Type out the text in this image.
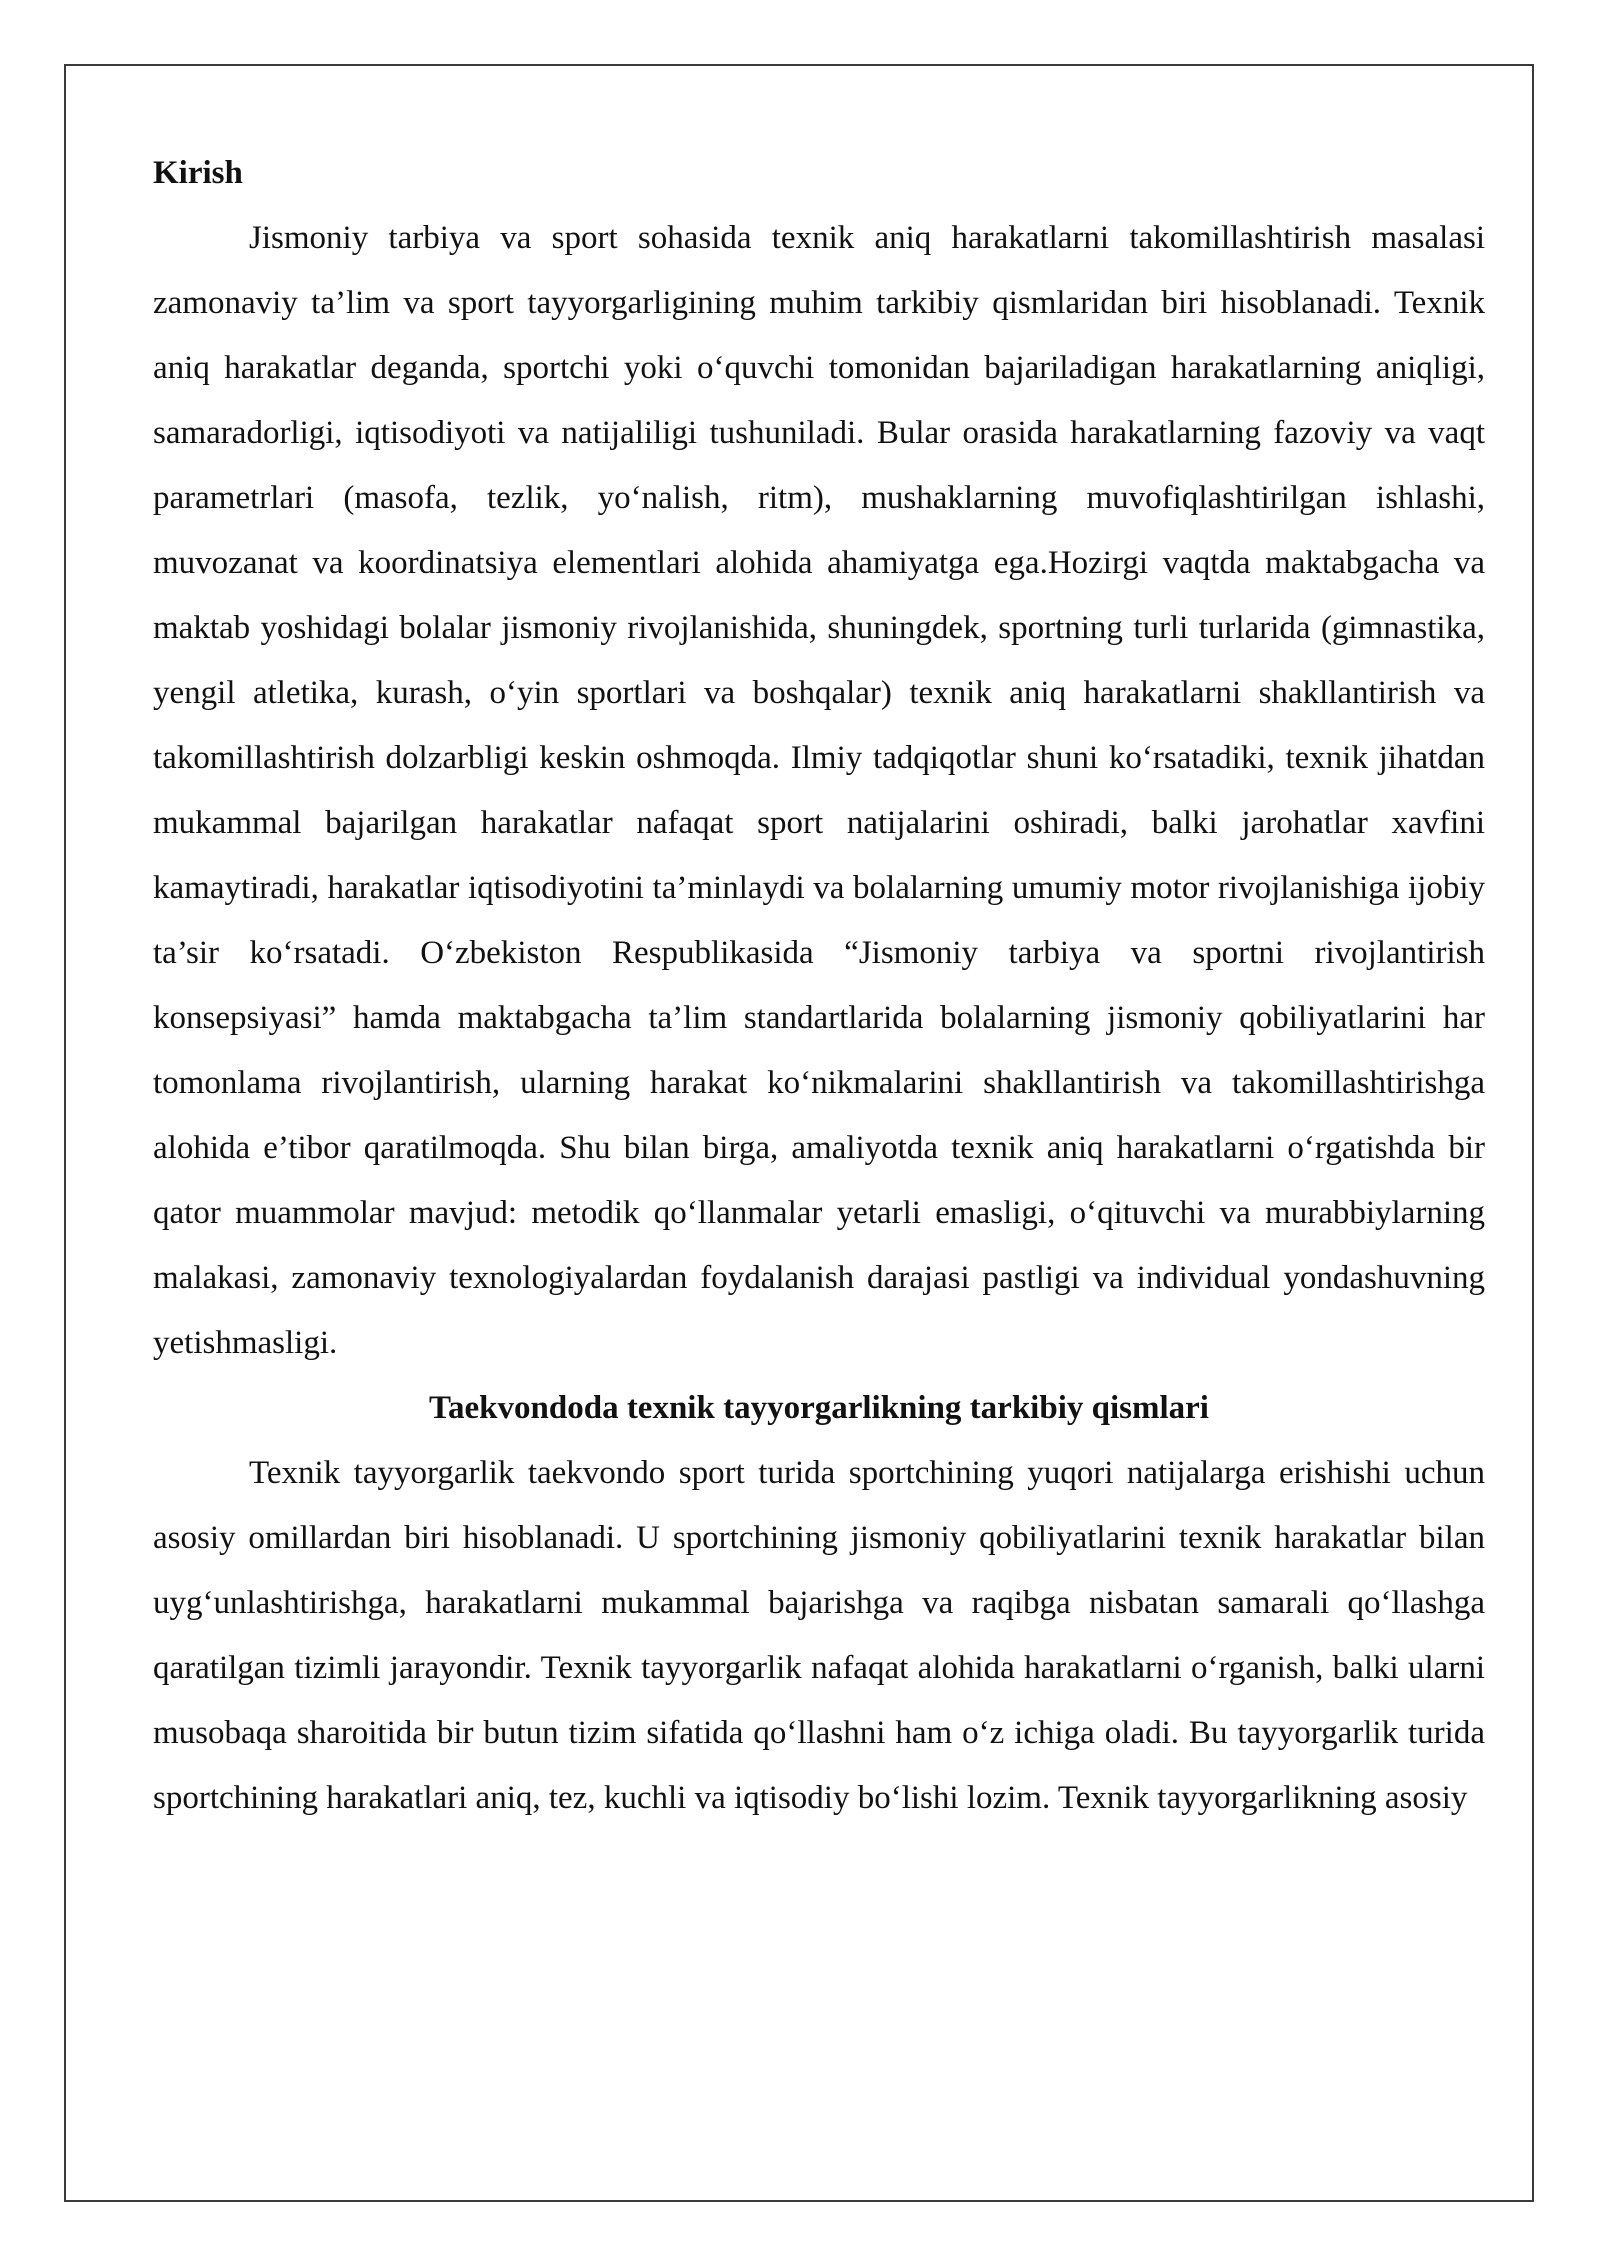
Kirish

Jismoniy tarbiya va sport sohasida texnik aniq harakatlarni takomillashtirish masalasi zamonaviy ta’lim va sport tayyorgarligining muhim tarkibiy qismlaridan biri hisoblanadi. Texnik aniq harakatlar deganda, sportchi yoki o‘quvchi tomonidan bajariladigan harakatlarning aniqligi, samaradorligi, iqtisodiyoti va natijaliligi tushuniladi. Bular orasida harakatlarning fazoviy va vaqt parametrlari (masofa, tezlik, yo‘nalish, ritm), mushaklarning muvofiqlashtirilgan ishlashi, muvozanat va koordinatsiya elementlari alohida ahamiyatga ega.Hozirgi vaqtda maktabgacha va maktab yoshidagi bolalar jismoniy rivojlanishida, shuningdek, sportning turli turlarida (gimnastika, yengil atletika, kurash, o‘yin sportlari va boshqalar) texnik aniq harakatlarni shakllantirish va takomillashtirish dolzarbligi keskin oshmoqda. Ilmiy tadqiqotlar shuni ko‘rsatadiki, texnik jihatdan mukammal bajarilgan harakatlar nafaqat sport natijalarini oshiradi, balki jarohatlar xavfini kamaytiradi, harakatlar iqtisodiyotini ta’minlaydi va bolalarning umumiy motor rivojlanishiga ijobiy ta’sir ko‘rsatadi. O‘zbekiston Respublikasida “Jismoniy tarbiya va sportni rivojlantirish konsepsiyasi” hamda maktabgacha ta’lim standartlarida bolalarning jismoniy qobiliyatlarini har tomonlama rivojlantirish, ularning harakat ko‘nikmalarini shakllantirish va takomillashtirishga alohida e’tibor qaratilmoqda. Shu bilan birga, amaliyotda texnik aniq harakatlarni o‘rgatishda bir qator muammolar mavjud: metodik qo‘llanmalar yetarli emasligi, o‘qituvchi va murabbiylarning malakasi, zamonaviy texnologiyalardan foydalanish darajasi pastligi va individual yondashuvning yetishmasligi.

Taekvondoda texnik tayyorgarlikning tarkibiy qismlari

Texnik tayyorgarlik taekvondo sport turida sportchining yuqori natijalarga erishishi uchun asosiy omillardan biri hisoblanadi. U sportchining jismoniy qobiliyatlarini texnik harakatlar bilan uyg‘unlashtirishga, harakatlarni mukammal bajarishga va raqibga nisbatan samarali qo‘llashga qaratilgan tizimli jarayondir. Texnik tayyorgarlik nafaqat alohida harakatlarni o‘rganish, balki ularni musobaqa sharoitida bir butun tizim sifatida qo‘llashni ham o‘z ichiga oladi. Bu tayyorgarlik turida sportchining harakatlari aniq, tez, kuchli va iqtisodiy bo‘lishi lozim. Texnik tayyorgarlikning asosiy
